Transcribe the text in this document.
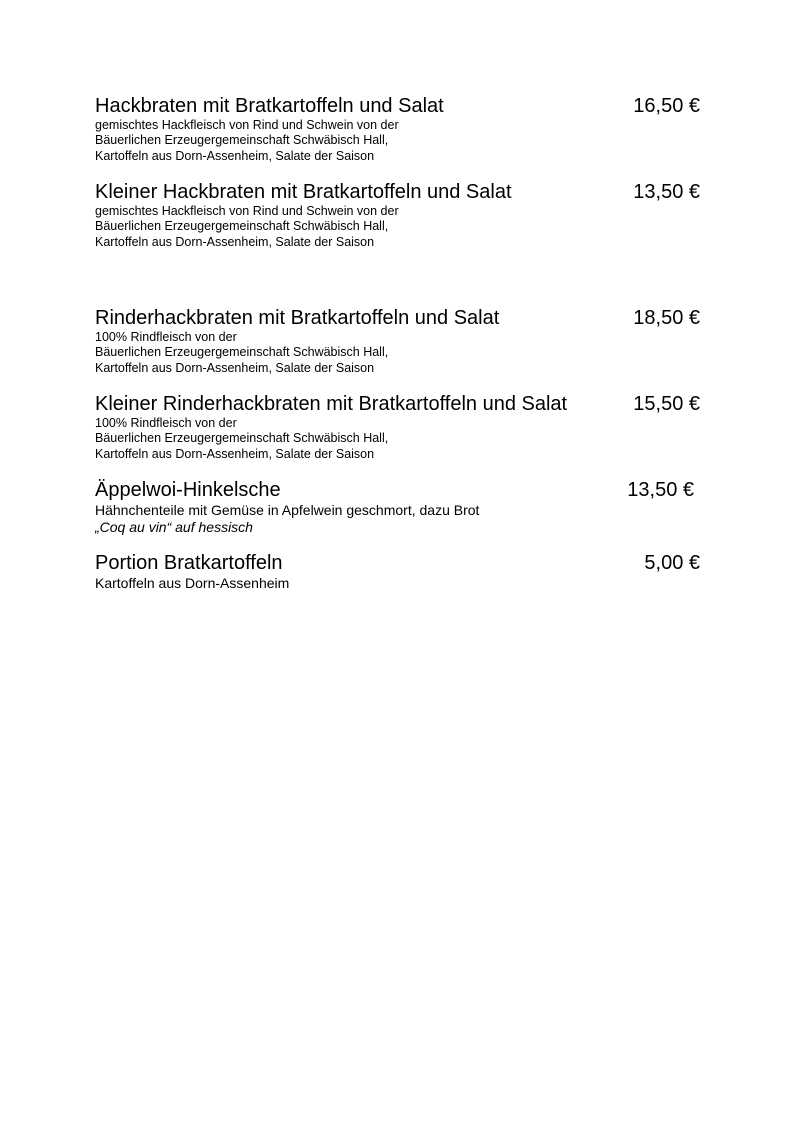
Hackbraten mit Bratkartoffeln und Salat	16,50 €
gemischtes Hackfleisch von Rind und Schwein von der
Bäuerlichen Erzeugergemeinschaft Schwäbisch Hall,
Kartoffeln aus Dorn-Assenheim, Salate der Saison
Kleiner Hackbraten mit Bratkartoffeln und Salat	13,50 €
gemischtes Hackfleisch von Rind und Schwein von der
Bäuerlichen Erzeugergemeinschaft Schwäbisch Hall,
Kartoffeln aus Dorn-Assenheim, Salate der Saison
Rinderhackbraten mit Bratkartoffeln und Salat	18,50 €
100% Rindfleisch von der
Bäuerlichen Erzeugergemeinschaft Schwäbisch Hall,
Kartoffeln aus Dorn-Assenheim, Salate der Saison
Kleiner Rinderhackbraten mit Bratkartoffeln und Salat	15,50 €
100% Rindfleisch von der
Bäuerlichen Erzeugergemeinschaft Schwäbisch Hall,
Kartoffeln aus Dorn-Assenheim, Salate der Saison
Äppelwoi-Hinkelsche	13,50 €
Hähnchenteile mit Gemüse in Apfelwein geschmort, dazu Brot
„Coq au vin“ auf hessisch
Portion Bratkartoffeln	5,00 €
Kartoffeln aus Dorn-Assenheim
